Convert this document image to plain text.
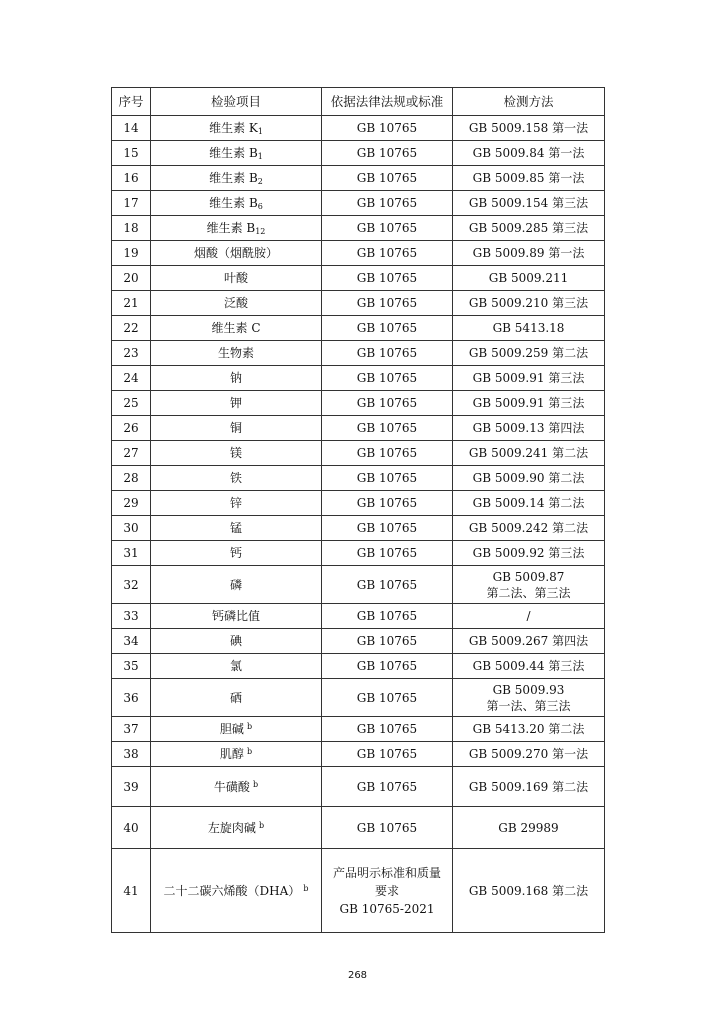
序号	检验项目	依据法律法规或标准	检测方法
14	维生素 $K_1$	GB 10765	GB 5009.158 第一法

15	维生素 $B_1$	GB 10765	GB 5009.84 第一法

16	维生素 $B_2$	GB 10765	GB 5009.85 第一法

17	维生素 $B_6$	GB 10765	GB 5009.154 第三法

18	维生素 $B_{12}$	GB 10765	GB 5009.285 第三法

19	烟酸（烟酰胺）	GB 10765	GB 5009.89 第一法

20	叶酸	GB 10765	GB 5009.211

21	泛酸	GB 10765	GB 5009.210 第三法

22	维生素 C	GB 10765	GB 5413.18

23	生物素	GB 10765	GB 5009.259 第二法

24	钠	GB 10765	GB 5009.91 第三法

25	钾	GB 10765	GB 5009.91 第三法

26	铜	GB 10765	GB 5009.13 第四法

27	镁	GB 10765	GB 5009.241 第二法

28	铁	GB 10765	GB 5009.90 第二法

29	锌	GB 10765	GB 5009.14 第二法

30	锰	GB 10765	GB 5009.242 第二法

31	钙	GB 10765	GB 5009.92 第三法

32	磷	GB 10765	GB 5009.87
第二法、第三法

33	钙磷比值	GB 10765	/

34	碘	GB 10765	GB 5009.267 第四法

35	氯	GB 10765	GB 5009.44 第三法

36	硒	GB 10765	GB 5009.93
第一法、第三法

37	胆碱 $^b$	GB 10765	GB 5413.20 第二法

38	肌醇 $^b$	GB 10765	GB 5009.270 第一法

39	牛磺酸 $^b$	GB 10765	GB 5009.169 第二法

40	左旋肉碱 $^b$	GB 10765	GB 29989

41	二十二碳六烯酸（DHA） $^b$	产品明示标准和质量
要求
GB 10765-2021	GB 5009.168 第二法
268
